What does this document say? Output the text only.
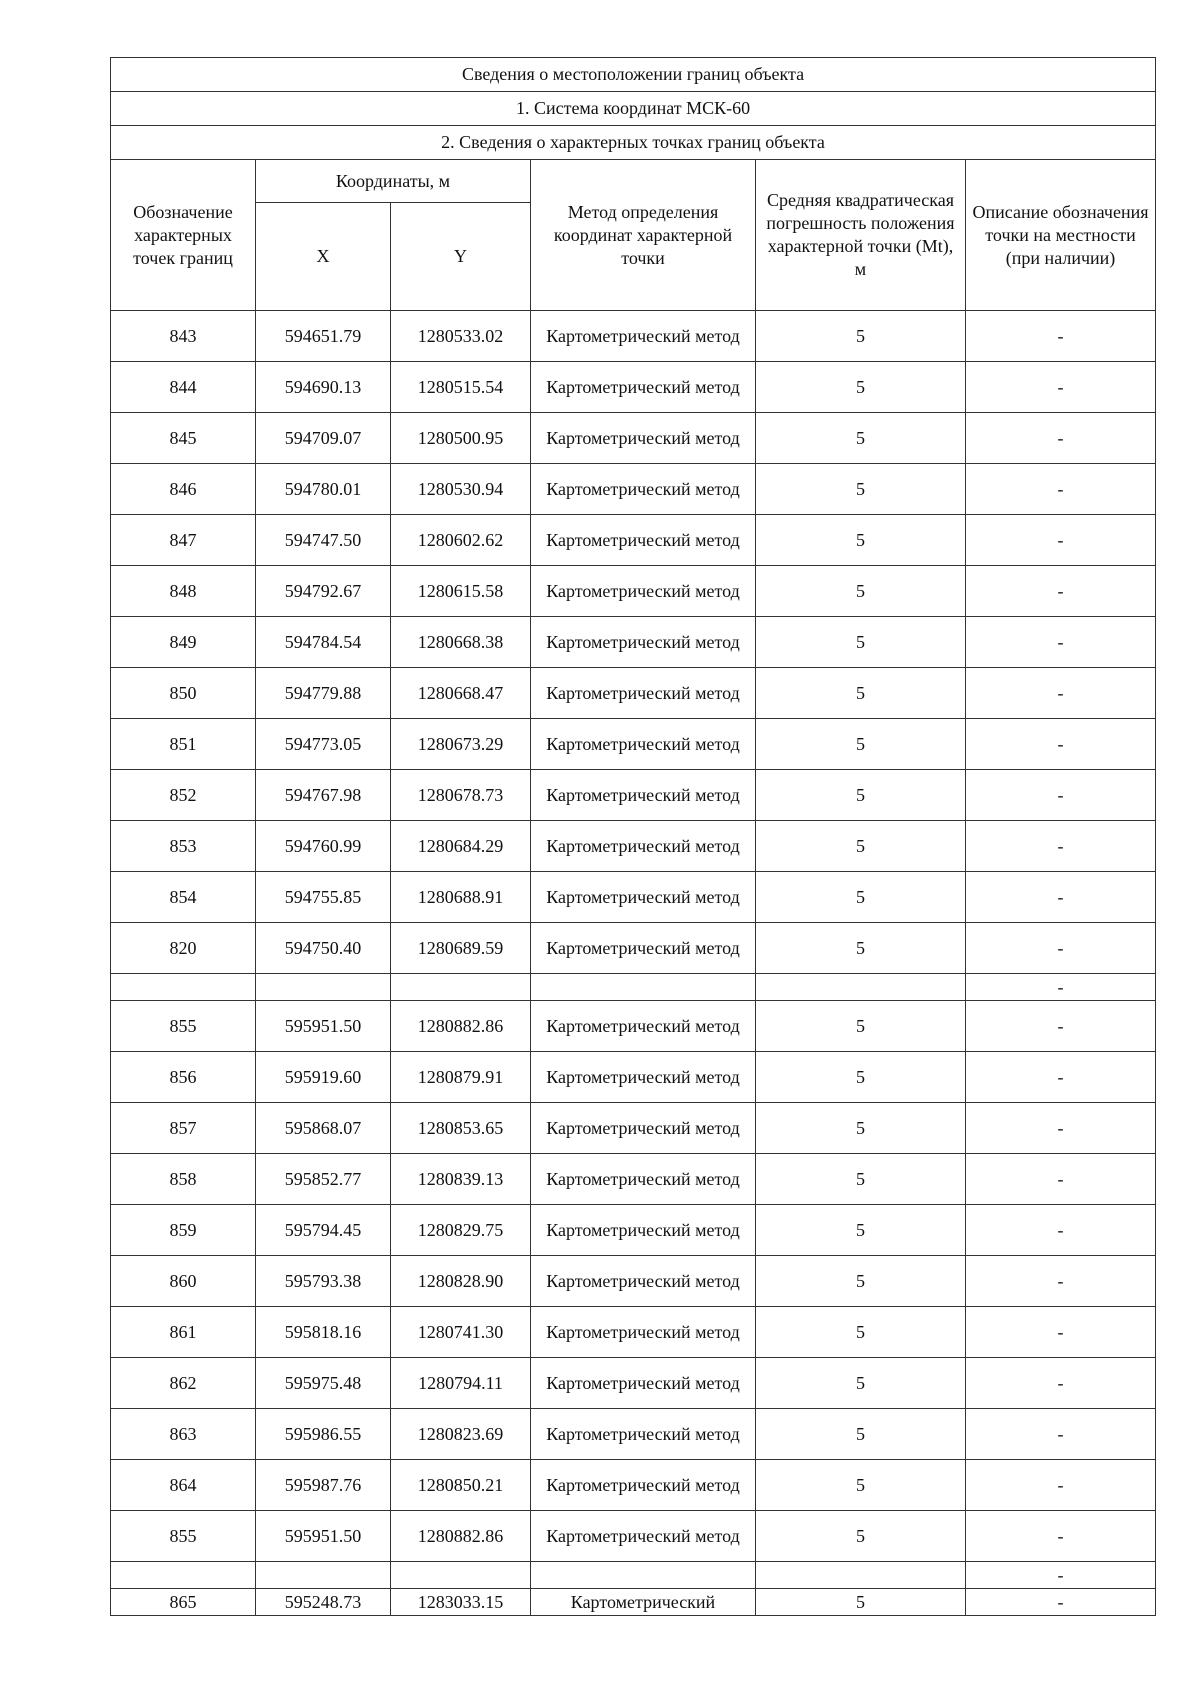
Сведения о местоположении границ объекта					
1. Система координат МСК-60					
2. Сведения о характерных точках границ объекта					
Обозначение характерных точек границ	Координаты, м		Метод определения координат характерной точки	Средняя квадратическая погрешность положения характерной точки (Mt), м	Описание обозначения точки на местности (при наличии)
	X	Y			
843	594651.79	1280533.02	Картометрический метод	5	-
844	594690.13	1280515.54	Картометрический метод	5	-
845	594709.07	1280500.95	Картометрический метод	5	-
846	594780.01	1280530.94	Картометрический метод	5	-
847	594747.50	1280602.62	Картометрический метод	5	-
848	594792.67	1280615.58	Картометрический метод	5	-
849	594784.54	1280668.38	Картометрический метод	5	-
850	594779.88	1280668.47	Картометрический метод	5	-
851	594773.05	1280673.29	Картометрический метод	5	-
852	594767.98	1280678.73	Картометрический метод	5	-
853	594760.99	1280684.29	Картометрический метод	5	-
854	594755.85	1280688.91	Картометрический метод	5	-
820	594750.40	1280689.59	Картометрический метод	5	-
					-
855	595951.50	1280882.86	Картометрический метод	5	-
856	595919.60	1280879.91	Картометрический метод	5	-
857	595868.07	1280853.65	Картометрический метод	5	-
858	595852.77	1280839.13	Картометрический метод	5	-
859	595794.45	1280829.75	Картометрический метод	5	-
860	595793.38	1280828.90	Картометрический метод	5	-
861	595818.16	1280741.30	Картометрический метод	5	-
862	595975.48	1280794.11	Картометрический метод	5	-
863	595986.55	1280823.69	Картометрический метод	5	-
864	595987.76	1280850.21	Картометрический метод	5	-
855	595951.50	1280882.86	Картометрический метод	5	-
					-
865	595248.73	1283033.15	Картометрический	5	-
